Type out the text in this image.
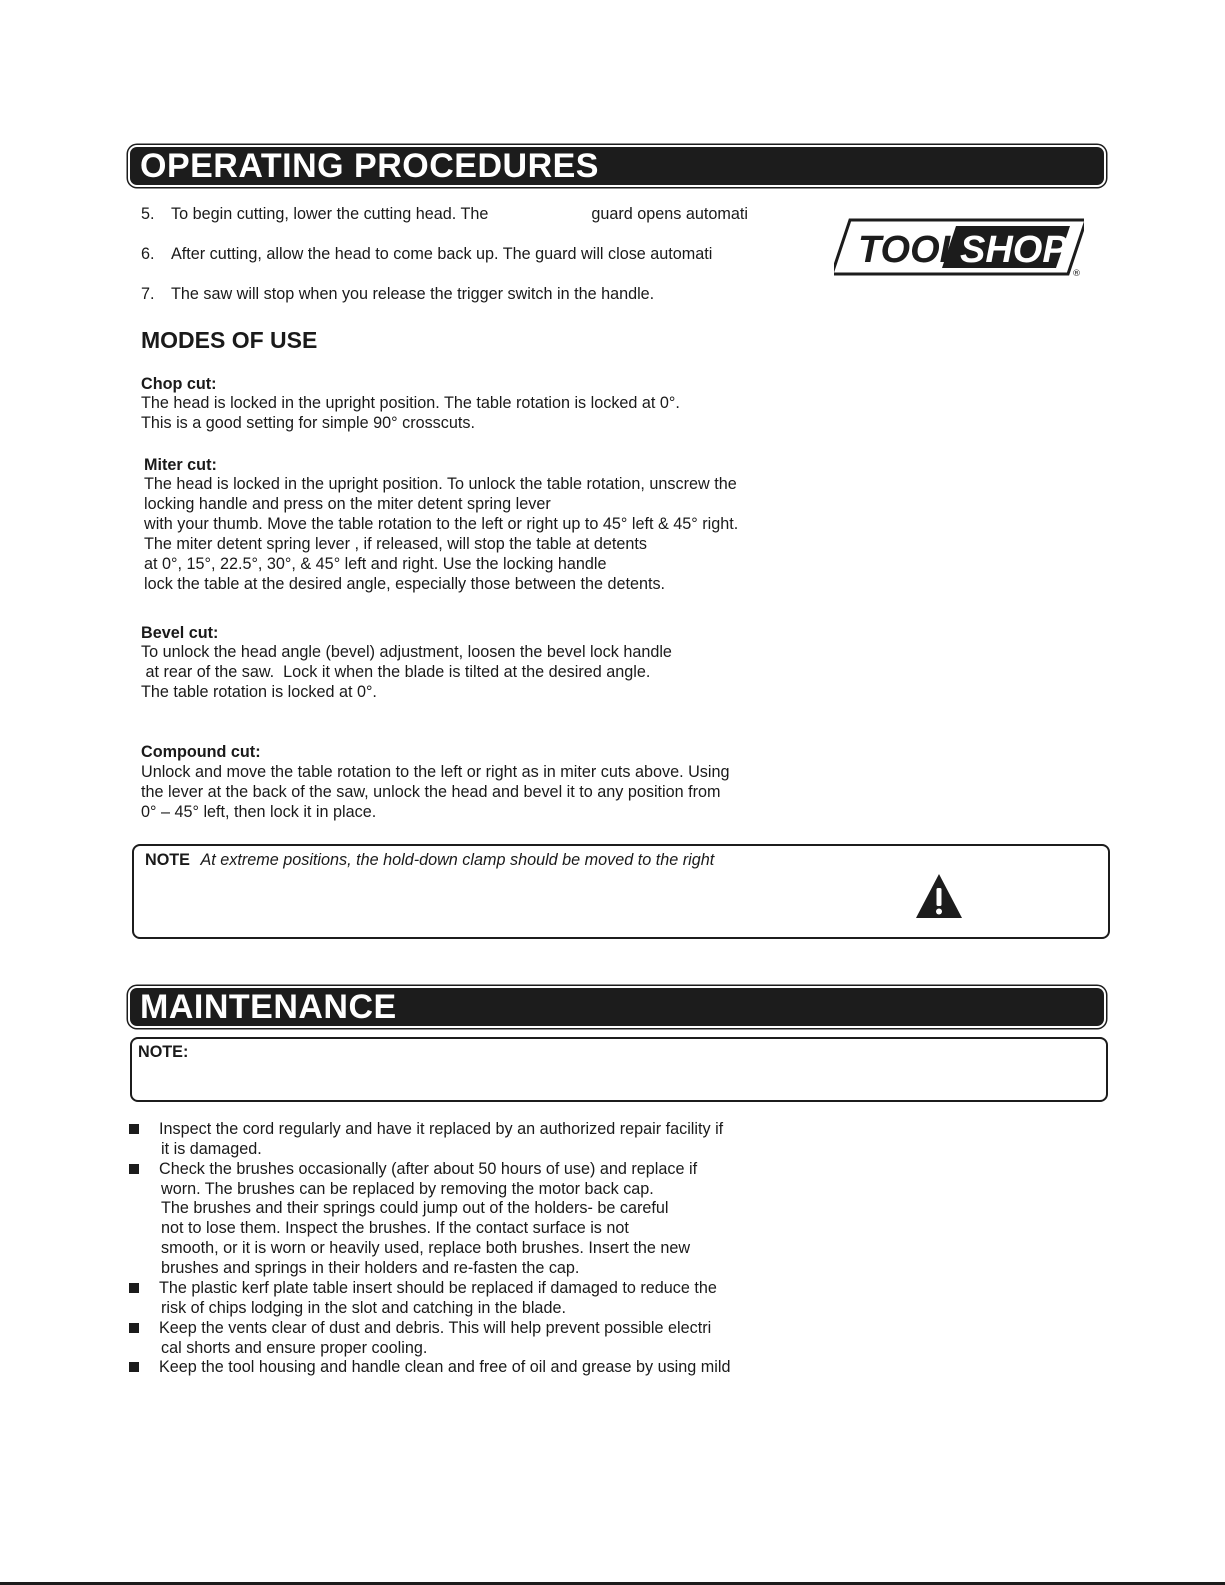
OPERATING PROCEDURES
5. To begin cutting, lower the cutting head. The	guard opens automati
6. After cutting, allow the head to come back up. The guard will close automati
7. The saw will stop when you release the trigger switch in the handle.
TOOL
SHOP
®
MODES OF USE
Chop cut:
The head is locked in the upright position. The table rotation is locked at 0°.
This is a good setting for simple 90° crosscuts.
Miter cut:
The head is locked in the upright position. To unlock the table rotation, unscrew the
locking handle and press on the miter detent spring lever
with your thumb. Move the table rotation to the left or right up to 45° left & 45° right.
The miter detent spring lever , if released, will stop the table at detents
at 0°, 15°, 22.5°, 30°, & 45° left and right. Use the locking handle
lock the table at the desired angle, especially those between the detents.
Bevel cut:
To unlock the head angle (bevel) adjustment, loosen the bevel lock handle
at rear of the saw.  Lock it when the blade is tilted at the desired angle.
The table rotation is locked at 0°.
Compound cut:
Unlock and move the table rotation to the left or right as in miter cuts above. Using
the lever at the back of the saw, unlock the head and bevel it to any position from
0° – 45° left, then lock it in place.
NOTE At extreme positions, the hold-down clamp should be moved to the right
MAINTENANCE
NOTE:
Inspect the cord regularly and have it replaced by an authorized repair facility if
it is damaged.
Check the brushes occasionally (after about 50 hours of use) and replace if
worn. The brushes can be replaced by removing the motor back cap.
The brushes and their springs could jump out of the holders- be careful
not to lose them. Inspect the brushes. If the contact surface is not
smooth, or it is worn or heavily used, replace both brushes. Insert the new
brushes and springs in their holders and re-fasten the cap.
The plastic kerf plate table insert should be replaced if damaged to reduce the
risk of chips lodging in the slot and catching in the blade.
Keep the vents clear of dust and debris. This will help prevent possible electri
cal shorts and ensure proper cooling.
Keep the tool housing and handle clean and free of oil and grease by using mild
